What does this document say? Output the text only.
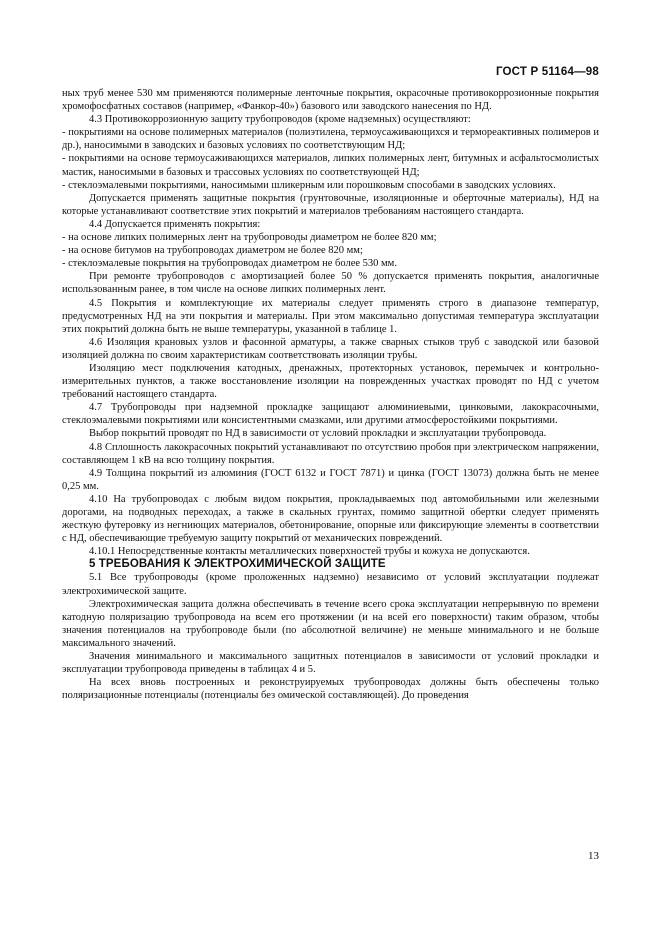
ГОСТ Р 51164—98

ных труб менее 530 мм применяются полимерные ленточные покрытия, окрасочные противокоррозионные покрытия хромофосфатных составов (например, «Фанкор-40») базового или заводского нанесения по НД.

4.3 Противокоррозионную защиту трубопроводов (кроме надземных) осуществляют:

- покрытиями на основе полимерных материалов (полиэтилена, термоусаживающихся и термореактивных полимеров и др.), наносимыми в заводских и базовых условиях по соответствующим НД;

- покрытиями на основе термоусаживающихся материалов, липких полимерных лент, битумных и асфальтосмолистых мастик, наносимыми в базовых и трассовых условиях по соответствующей НД;

- стеклоэмалевыми покрытиями, наносимыми шликерным или порошковым способами в заводских условиях.

Допускается применять защитные покрытия (грунтовочные, изоляционные и оберточные материалы), НД на которые устанавливают соответствие этих покрытий и материалов требованиям настоящего стандарта.

4.4 Допускается применять покрытия:

- на основе липких полимерных лент на трубопроводы диаметром не более 820 мм;

- на основе битумов на трубопроводах диаметром не более 820 мм;

- стеклоэмалевые покрытия на трубопроводах диаметром не более 530 мм.

При ремонте трубопроводов с амортизацией более 50 % допускается применять покрытия, аналогичные использованным ранее, в том числе на основе липких полимерных лент.

4.5 Покрытия и комплектующие их материалы следует применять строго в диапазоне температур, предусмотренных НД на эти покрытия и материалы. При этом максимально допустимая температура эксплуатации этих покрытий должна быть не выше температуры, указанной в таблице 1.

4.6 Изоляция крановых узлов и фасонной арматуры, а также сварных стыков труб с заводской или базовой изоляцией должна по своим характеристикам соответствовать изоляции трубы.

Изоляцию мест подключения катодных, дренажных, протекторных установок, перемычек и контрольно-измерительных пунктов, а также восстановление изоляции на поврежденных участках проводят по НД с учетом требований настоящего стандарта.

4.7 Трубопроводы при надземной прокладке защищают алюминиевыми, цинковыми, лакокрасочными, стеклоэмалевыми покрытиями или консистентными смазками, или другими атмосферостойкими покрытиями.

Выбор покрытий проводят по НД в зависимости от условий прокладки и эксплуатации трубопровода.

4.8 Сплошность лакокрасочных покрытий устанавливают по отсутствию пробоя при электрическом напряжении, составляющем 1 кВ на всю толщину покрытия.

4.9 Толщина покрытий из алюминия (ГОСТ 6132 и ГОСТ 7871) и цинка (ГОСТ 13073) должна быть не менее 0,25 мм.

4.10 На трубопроводах с любым видом покрытия, прокладываемых под автомобильными или железными дорогами, на подводных переходах, а также в скальных грунтах, помимо защитной обертки следует применять жесткую футеровку из негниющих материалов, обетонирование, опорные или фиксирующие элементы в соответствии с НД, обеспечивающие требуемую защиту покрытий от механических повреждений.

4.10.1 Непосредственные контакты металлических поверхностей трубы и кожуха не допускаются.

5 ТРЕБОВАНИЯ К ЭЛЕКТРОХИМИЧЕСКОЙ ЗАЩИТЕ

5.1 Все трубопроводы (кроме проложенных надземно) независимо от условий эксплуатации подлежат электрохимической защите.

Электрохимическая защита должна обеспечивать в течение всего срока эксплуатации непрерывную по времени катодную поляризацию трубопровода на всем его протяжении (и на всей его поверхности) таким образом, чтобы значения потенциалов на трубопроводе были (по абсолютной величине) не меньше минимального и не больше максимального значений.

Значения минимального и максимального защитных потенциалов в зависимости от условий прокладки и эксплуатации трубопровода приведены в таблицах 4 и 5.

На всех вновь построенных и реконструируемых трубопроводах должны быть обеспечены только поляризационные потенциалы (потенциалы без омической составляющей). До проведения

13
